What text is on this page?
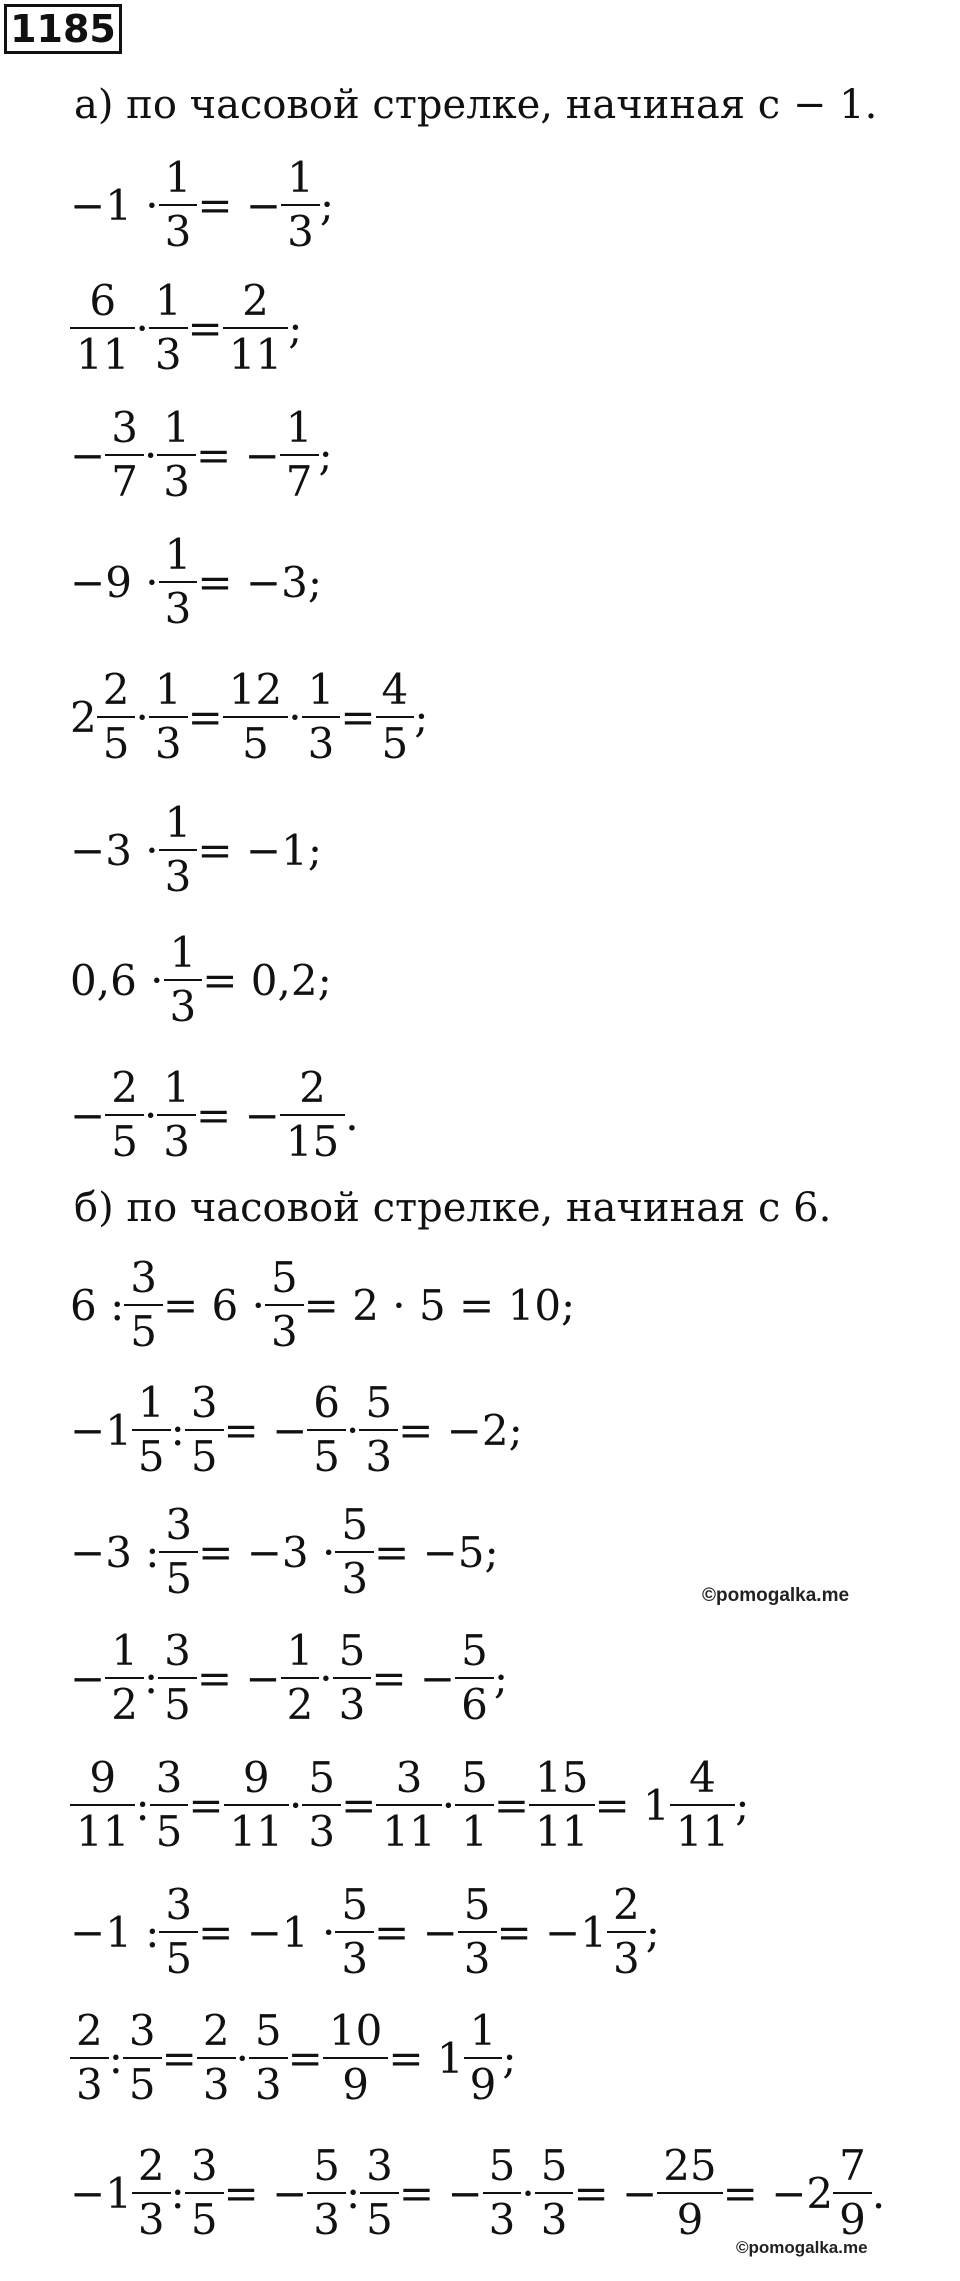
1185
а) по часовой стрелке, начиная с − 1.
$-1 \cdot \frac{1}{3}$ = − $\frac{1}{3}$ ;
$\frac{6}{11} \cdot \frac{1}{3} = \frac{2}{11}$ ;
− $\frac{3}{7} \cdot \frac{1}{3}$ = − $\frac{1}{7}$ ;
$-9 \cdot \frac{1}{3} = -3$;
$2 \frac{2}{5} \cdot \frac{1}{3} = \frac{12}{5} \cdot \frac{1}{3} = \frac{4}{5}$ ;
$-3 \cdot \frac{1}{3} = -1$;
$0,6 \cdot \frac{1}{3} = 0,2$;
− $\frac{2}{5} \cdot \frac{1}{3}$ = − $\frac{2}{15}$ .
б) по часовой стрелке, начиная с 6.
6 : $\frac{3}{5} = 6 \cdot \frac{5}{3} = 2 \cdot 5 = 10$;
$-1 \frac{1}{5}$ : $\frac{3}{5}$ = − $\frac{6}{5} \cdot \frac{5}{3} = -2$;
−3 : $\frac{3}{5} = -3 \cdot \frac{5}{3} = -5$;
− $\frac{1}{2}$ : $\frac{3}{5}$ = − $\frac{1}{2} \cdot \frac{5}{3}$ = − $\frac{5}{6}$ ;
$\frac{9}{11}$ : $\frac{3}{5} = \frac{9}{11} \cdot \frac{5}{3} = \frac{3}{11} \cdot \frac{5}{1} = \frac{15}{11} = 1 \frac{4}{11}$ ;
−1 : $\frac{3}{5} = -1 \cdot \frac{5}{3}$ = − $\frac{5}{3} = -1 \frac{2}{3}$ ;
$\frac{2}{3}$ : $\frac{3}{5} = \frac{2}{3} \cdot \frac{5}{3} = \frac{10}{9} = 1 \frac{1}{9}$ ;
$-1 \frac{2}{3}$ : $\frac{3}{5}$ = − $\frac{5}{3}$ : $\frac{3}{5}$ = − $\frac{5}{3} \cdot \frac{5}{3}$ = − $\frac{25}{9} = -2 \frac{7}{9}$ .
©pomogalka.me
©pomogalka.me
